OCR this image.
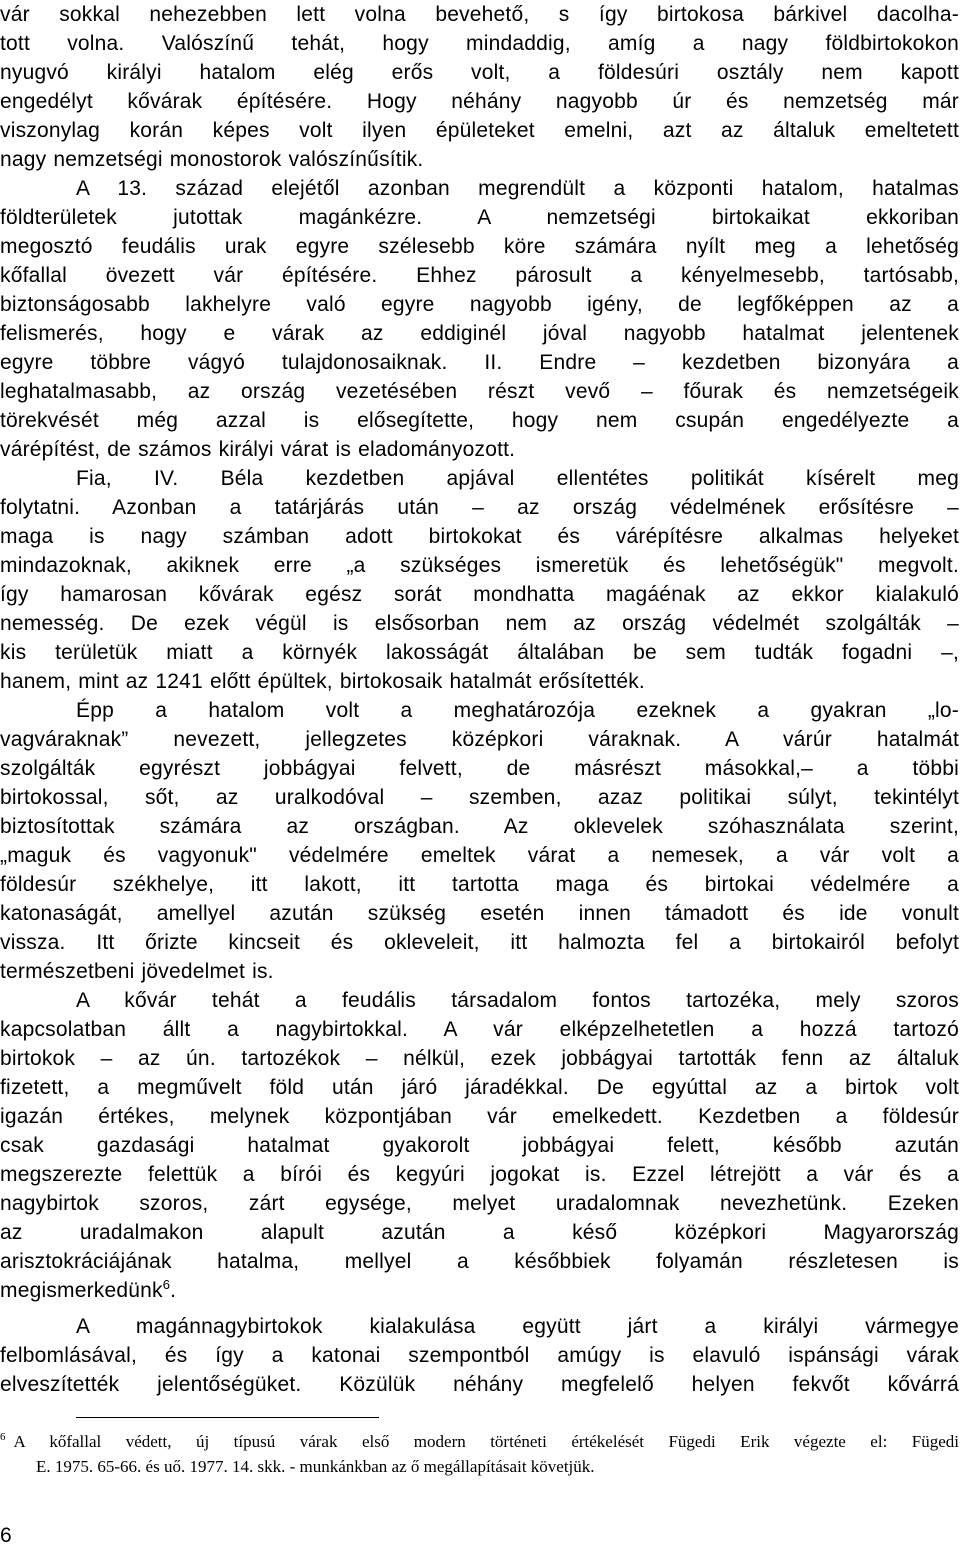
vár sokkal nehezebben lett volna bevehető, s így birtokosa bárkivel dacolha-
tott volna. Valószínű tehát, hogy mindaddig, amíg a nagy földbirtokokon
nyugvó királyi hatalom elég erős volt, a földesúri osztály nem kapott
engedélyt kővárak építésére. Hogy néhány nagyobb úr és nemzetség már
viszonylag korán képes volt ilyen épületeket emelni, azt az általuk emeltetett
nagy nemzetségi monostorok valószínűsítik.
A 13. század elejétől azonban megrendült a központi hatalom, hatalmas
földterületek jutottak magánkézre. A nemzetségi birtokaikat ekkoriban
megosztó feudális urak egyre szélesebb köre számára nyílt meg a lehetőség
kőfallal övezett vár építésére. Ehhez párosult a kényelmesebb, tartósabb,
biztonságosabb lakhelyre való egyre nagyobb igény, de legfőképpen az a
felismerés, hogy e várak az eddiginél jóval nagyobb hatalmat jelentenek
egyre többre vágyó tulajdonosaiknak. II. Endre – kezdetben bizonyára a
leghatalmasabb, az ország vezetésében részt vevő – főurak és nemzetségeik
törekvését még azzal is elősegítette, hogy nem csupán engedélyezte a
várépítést, de számos királyi várat is eladományozott.
Fia, IV. Béla kezdetben apjával ellentétes politikát kísérelt meg
folytatni. Azonban a tatárjárás után – az ország védelmének erősítésre –
maga is nagy számban adott birtokokat és várépítésre alkalmas helyeket
mindazoknak, akiknek erre „a szükséges ismeretük és lehetőségük" megvolt.
így hamarosan kővárak egész sorát mondhatta magáénak az ekkor kialakuló
nemesség. De ezek végül is elsősorban nem az ország védelmét szolgálták –
kis területük miatt a környék lakosságát általában be sem tudták fogadni –,
hanem, mint az 1241 előtt épültek, birtokosaik hatalmát erősítették.
Épp a hatalom volt a meghatározója ezeknek a gyakran „lo-
vagváraknak” nevezett, jellegzetes középkori váraknak. A várúr hatalmát
szolgálták egyrészt jobbágyai felvett, de másrészt másokkal,– a többi
birtokossal, sőt, az uralkodóval – szemben, azaz politikai súlyt, tekintélyt
biztosítottak számára az országban. Az oklevelek szóhasználata szerint,
„maguk és vagyonuk" védelmére emeltek várat a nemesek, a vár volt a
földesúr székhelye, itt lakott, itt tartotta maga és birtokai védelmére a
katonaságát, amellyel azután szükség esetén innen támadott és ide vonult
vissza. Itt őrizte kincseit és okleveleit, itt halmozta fel a birtokairól befolyt
természetbeni jövedelmet is.
A kővár tehát a feudális társadalom fontos tartozéka, mely szoros
kapcsolatban állt a nagybirtokkal. A vár elképzelhetetlen a hozzá tartozó
birtokok – az ún. tartozékok – nélkül, ezek jobbágyai tartották fenn az általuk
fizetett, a megművelt föld után járó járadékkal. De egyúttal az a birtok volt
igazán értékes, melynek központjában vár emelkedett. Kezdetben a földesúr
csak gazdasági hatalmat gyakorolt jobbágyai felett, később azután
megszerezte felettük a bírói és kegyúri jogokat is. Ezzel létrejött a vár és a
nagybirtok szoros, zárt egysége, melyet uradalomnak nevezhetünk. Ezeken
az uradalmakon alapult azután a késő középkori Magyarország
arisztokráciájának hatalma, mellyel a későbbiek folyamán részletesen is
megismerkedünk$^6$.
A magánnagybirtokok kialakulása együtt járt a királyi vármegye
felbomlásával, és így a katonai szempontból amúgy is elavuló ispánsági várak
elveszítették jelentőségüket. Közülük néhány megfelelő helyen fekvőt kővárrá
$^6$ A kőfallal védett, új típusú várak első modern történeti értékelését Fügedi Erik végezte el: Fügedi
E. 1975. 65-66. és uő. 1977. 14. skk. - munkánkban az ő megállapításait követjük.
6
